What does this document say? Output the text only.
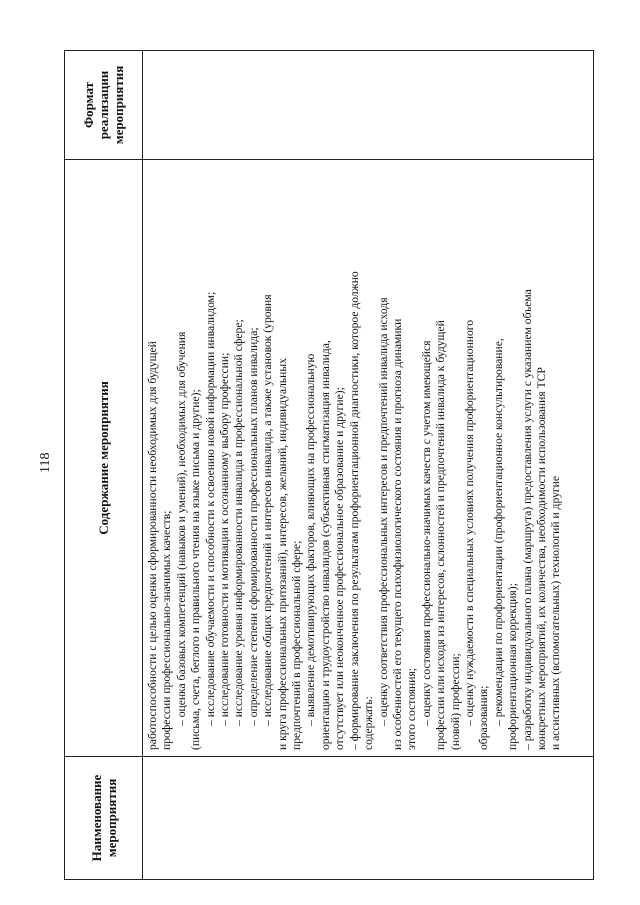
118
Наименование мероприятия
Содержание мероприятия	работоспособности с целью оценки сформированности необходимых для будущей профессии профессионально-значимых качеств; – оценка базовых компетенций (навыков и умений), необходимых для обучения (письма, счета, беглого и правильного чтения на языке письма и другие); – исследование обучаемости и способности к освоению новой информации инвалидом; – исследование готовности и мотивации к осознанному выбору профессии; – исследование уровня информированности инвалида в профессиональной сфере; – определение степени сформированности профессиональных планов инвалида; – исследование общих предпочтений и интересов инвалида, а также установок (уровня и круга профессиональных притязаний), интересов, желаний, индивидуальных предпочтений в профессиональной сфере; – выявление демотивирующих факторов, влияющих на профессиональную ориентацию и трудоустройство инвалидов (субъективная стигматизация инвалида, отсутствует или неоконченное профессиональное образование и другие); – формирование заключения по результатам профориентационной диагностики, которое должно содержать: – оценку соответствия профессиональных интересов и предпочтений инвалида исходя из особенностей его текущего психофизиологического состояния и прогноза динамики этого состояния; – оценку состояния профессионально-значимых качеств с учетом имеющейся профессии или исходя из интересов, склонностей и предпочтений инвалида к будущей (новой) профессии; – оценку нуждаемости в специальных условиях получения профориентационного образования; – рекомендации по профориентации (профориентационное консультирование, профориентационная коррекция); – разработку индивидуального плана (маршрута) предоставления услуги с указанием объема конкретных мероприятий, их количества, необходимости использования ТСР и ассистивных (вспомогательных) технологий и другие
Формат реализации мероприятия
